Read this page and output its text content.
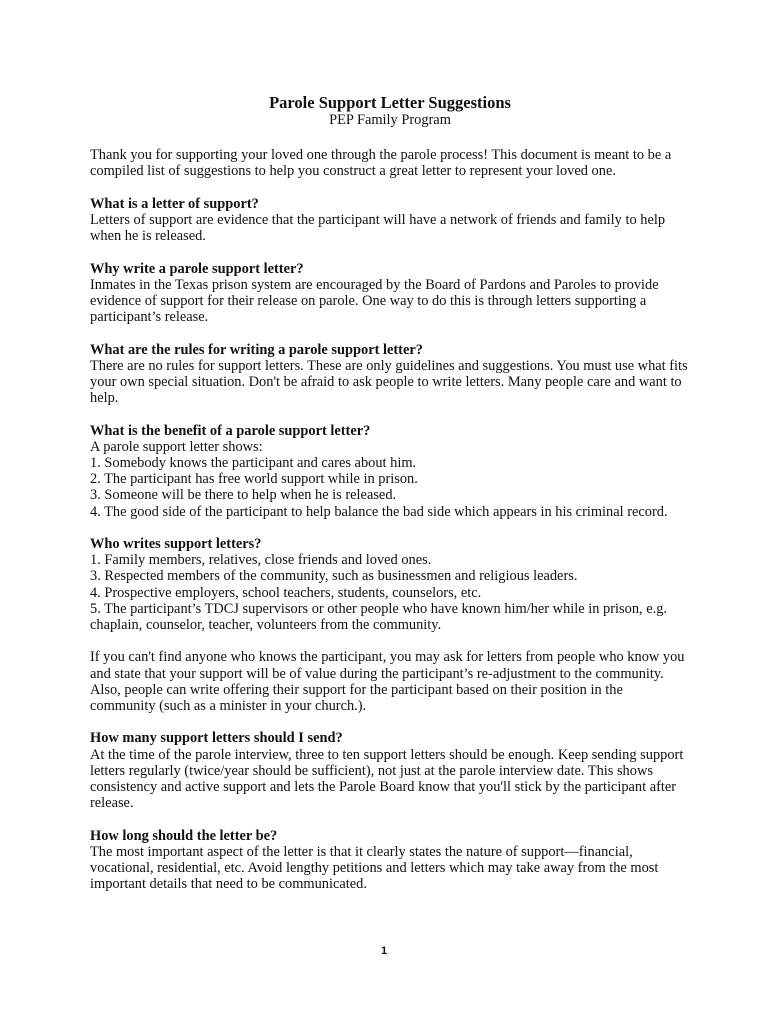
Parole Support Letter Suggestions
PEP Family Program

Thank you for supporting your loved one through the parole process! This document is meant to be a compiled list of suggestions to help you construct a great letter to represent your loved one.

What is a letter of support?

Letters of support are evidence that the participant will have a network of friends and family to help when he is released.

Why write a parole support letter?

Inmates in the Texas prison system are encouraged by the Board of Pardons and Paroles to provide evidence of support for their release on parole. One way to do this is through letters supporting a participant’s release.

What are the rules for writing a parole support letter?

There are no rules for support letters. These are only guidelines and suggestions. You must use what fits your own special situation. Don't be afraid to ask people to write letters. Many people care and want to help.

What is the benefit of a parole support letter?

A parole support letter shows:

1. Somebody knows the participant and cares about him.
2. The participant has free world support while in prison.
3. Someone will be there to help when he is released.
4. The good side of the participant to help balance the bad side which appears in his criminal record.

Who writes support letters?

1. Family members, relatives, close friends and loved ones.
3. Respected members of the community, such as businessmen and religious leaders.
4. Prospective employers, school teachers, students, counselors, etc.
5. The participant’s TDCJ supervisors or other people who have known him/her while in prison, e.g. chaplain, counselor, teacher, volunteers from the community.

If you can't find anyone who knows the participant, you may ask for letters from people who know you and state that your support will be of value during the participant’s re-adjustment to the community. Also, people can write offering their support for the participant based on their position in the community (such as a minister in your church.).

How many support letters should I send?

At the time of the parole interview, three to ten support letters should be enough. Keep sending support letters regularly (twice/year should be sufficient), not just at the parole interview date. This shows consistency and active support and lets the Parole Board know that you'll stick by the participant after release.

How long should the letter be?

The most important aspect of the letter is that it clearly states the nature of support—financial, vocational, residential, etc. Avoid lengthy petitions and letters which may take away from the most important details that need to be communicated.

1
